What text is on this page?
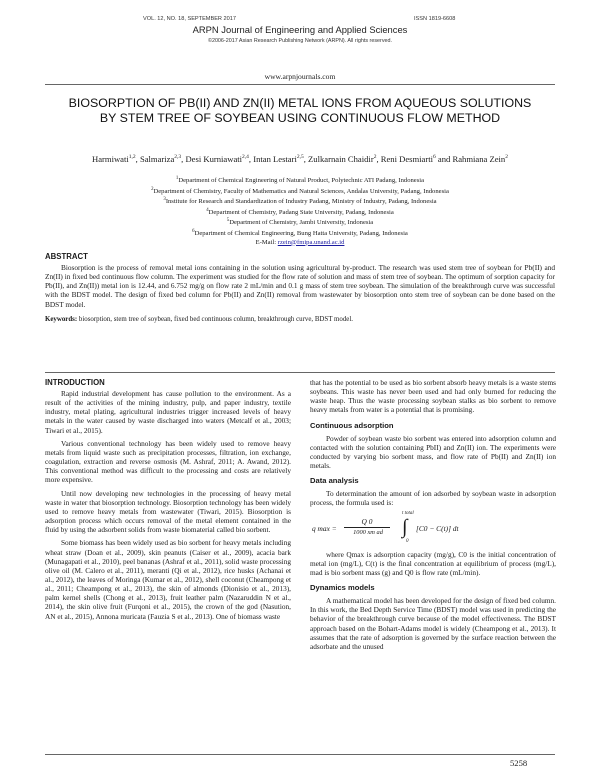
VOL. 12, NO. 18, SEPTEMBER 2017	ISSN 1819-6608
ARPN Journal of Engineering and Applied Sciences
©2006-2017 Asian Research Publishing Network (ARPN). All rights reserved.
www.arpnjournals.com
BIOSORPTION OF PB(II) AND ZN(II) METAL IONS FROM AQUEOUS SOLUTIONS BY STEM TREE OF SOYBEAN USING CONTINUOUS FLOW METHOD
Harmiwati$^{1,2}$, Salmariza$^{2,3}$, Desi Kurniawati$^{2,4}$, Intan Lestari$^{2,5}$, Zulkarnain Chaidir$^2$, Reni Desmiarti$^6$ and Rahmiana Zein$^2$
$^1$Department of Chemical Engineering of Natural Product, Polytechnic ATI Padang, Indonesia
$^2$Department of Chemistry, Faculty of Mathematics and Natural Sciences, Andalas University, Padang, Indonesia
$^3$Institute for Research and Standardization of Industry Padang, Ministry of Industry, Padang, Indonesia
$^4$Department of Chemistry, Padang State University, Padang, Indonesia
$^5$Department of Chemistry, Jambi University, Indonesia
$^6$Department of Chemical Engineering, Bung Hatta University, Padang, Indonesia
E-Mail: rzein@fmipa.unand.ac.id
ABSTRACT
Biosorption is the process of removal metal ions containing in the solution using agricultural by-product. The research was used stem tree of soybean for Pb(II) and Zn(II) in fixed bed continuous flow column. The experiment was studied for the flow rate of solution and mass of stem tree of soybean. The optimum of sorption capacity for Pb(II), and Zn(II)) metal ion is 12.44, and 6.752 mg/g on flow rate 2 mL/min and 0.1 g mass of stem tree soybean. The simulation of the breakthrough curve was successful with the BDST model. The design of fixed bed column for Pb(II) and Zn(II) removal from wastewater by biosorption onto stem tree of soybean can be done based on the BDST model.
Keywords: biosorption, stem tree of soybean, fixed bed continuous column, breakthrough curve, BDST model.
INTRODUCTION

Rapid industrial development has cause pollution to the environment. As a result of the activities of the mining industry, pulp, and paper industry, textile industry, metal plating, agricultural industries trigger increased levels of heavy metals in the water caused by waste discharged into waters (Metcalf et al., 2003; Tiwari et al., 2015).

Various conventional technology has been widely used to remove heavy metals from liquid waste such as precipitation processes, filtration, ion exchange, coagulation, extraction and reverse osmosis (M. Ashraf, 2011; A. Awand, 2012). This conventional method was difficult to the processing and costs are relatively more expensive.

Until now developing new technologies in the processing of heavy metal waste in water that biosorption technology. Biosorption technology has been widely used to remove heavy metals from wastewater (Tiwari, 2015). Biosorption is adsorption process which occurs removal of the metal element contained in the fluid by using the adsorbent solids from waste biomaterial called bio sorbent.

Some biomass has been widely used as bio sorbent for heavy metals including wheat straw (Doan et al., 2009), skin peanuts (Caiser et al., 2009), acacia bark (Munagapati et al., 2010), peel bananas (Ashraf et al., 2011), solid waste processing olive oil (M. Calero et al., 2011), meranti (Qi et al., 2012), rice husks (Achanai et al., 2012), the leaves of Moringa (Kumar et al., 2012), shell coconut (Cheampong et al., 2011; Cheampong et al., 2013), the skin of almonds (Dionisio et al., 2013), palm kernel shells (Chong et al., 2013), fruit leather palm (Nazaruddin N et al., 2014), the skin olive fruit (Furqoni et al., 2015), the crown of the god (Nasution, AN et al., 2015), Annona muricata (Fauzia S et al., 2013). One of biomass waste

that has the potential to be used as bio sorbent absorb heavy metals is a waste stems soybeans. This waste has never been used and had only burned for reducing the waste heap. Thus the waste processing soybean stalks as bio sorbent to remove heavy metals from water is a potential that is promising.

Continuous adsorption

Powder of soybean waste bio sorbent was entered into adsorption column and contacted with the solution containing PbII) and Zn(II) ion. The experiments were conducted by varying bio sorbent mass, and flow rate of Pb(II) and Zn(II) ion metals.

Data analysis

To determination the amount of ion adsorbed by soybean waste in adsorption process, the formula used is:

q max =
Q 0
1000 xm ad
t total
∫
0
[C0 − C(t)] dt

where Qmax is adsorption capacity (mg/g), C0 is the initial concentration of metal ion (mg/L), C(t) is the final concentration at equilibrium of process (mg/L), mad is bio sorbent mass (g) and Q0 is flow rate (mL/min).

Dynamics models

A mathematical model has been developed for the design of fixed bed column. In this work, the Bed Depth Service Time (BDST) model was used in predicting the behavior of the breakthrough curve because of the model effectiveness. The BDST approach based on the Bohart-Adams model is widely (Cheampong et al., 2013). It assumes that the rate of adsorption is governed by the surface reaction between the adsorbate and the unused

5258
